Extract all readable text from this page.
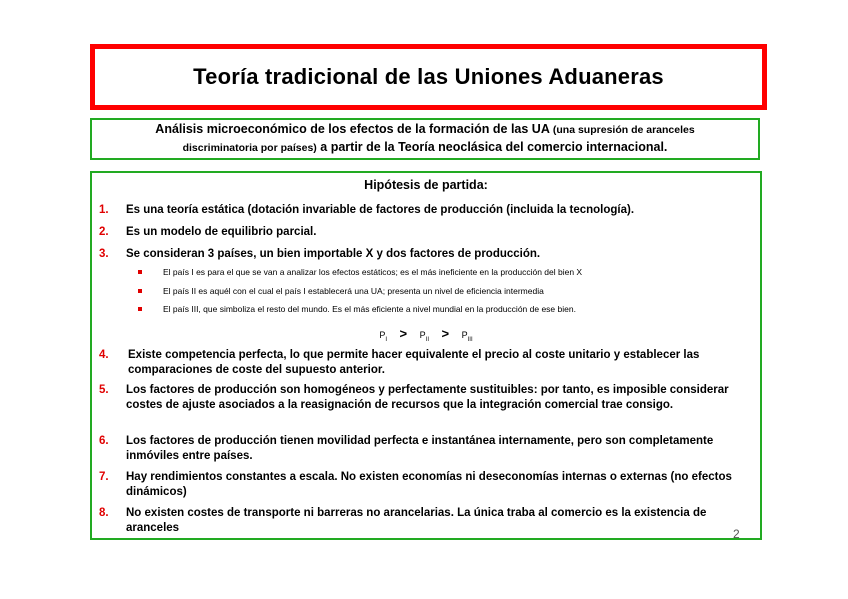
Teoría tradicional de las Uniones Aduaneras
Análisis microeconómico de los efectos de la formación de las UA (una supresión de aranceles discriminatoria por países) a partir de la Teoría neoclásica del comercio internacional.
Hipótesis de partida:
1. Es una teoría estática (dotación invariable de factores de producción (incluida la tecnología).
2. Es un modelo de equilibrio parcial.
3. Se consideran 3 países, un bien importable X y dos factores de producción.
El país I es para el que se van a analizar los efectos estáticos; es el más ineficiente en la producción del bien X
El país II es aquél con el cual el país I establecerá una UA; presenta un nivel de eficiencia intermedia
El país III, que simboliza el resto del mundo. Es el más eficiente a nivel mundial en la producción de ese bien.
$P_I > P_{II} > P_{III}$
4. Existe competencia perfecta, lo que permite hacer equivalente el precio al coste unitario y establecer las comparaciones de coste del supuesto anterior.
5. Los factores de producción son homogéneos y perfectamente sustituibles: por tanto, es imposible considerar costes de ajuste asociados a la reasignación de recursos que la integración comercial trae consigo.
6. Los factores de producción tienen movilidad perfecta e instantánea internamente, pero son completamente inmóviles entre países.
7. Hay rendimientos constantes a escala. No existen economías ni deseconomías internas o externas (no efectos dinámicos)
8. No existen costes de transporte ni barreras no arancelarias. La única traba al comercio es la existencia de aranceles	2
